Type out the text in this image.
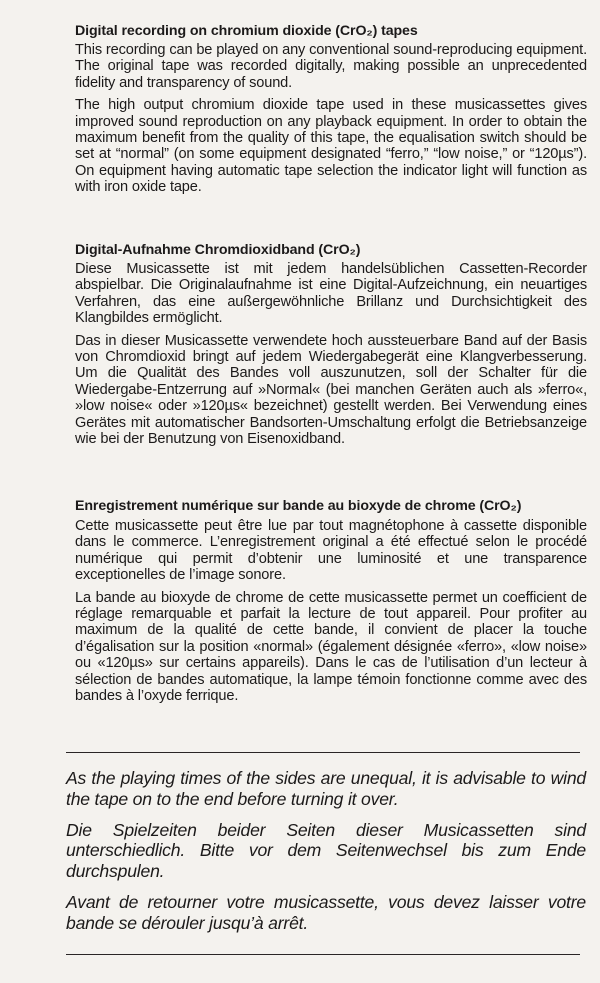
Digital recording on chromium dioxide (CrO₂) tapes

This recording can be played on any conventional sound-reproducing equipment. The original tape was recorded digitally, making possible an unprecedented fidelity and transparency of sound.

The high output chromium dioxide tape used in these musicassettes gives improved sound reproduction on any playback equipment. In order to obtain the maximum benefit from the quality of this tape, the equalisation switch should be set at “normal” (on some equipment designated “ferro,” “low noise,” or “120µs”). On equipment having automatic tape selection the indicator light will function as with iron oxide tape.

Digital-Aufnahme Chromdioxidband (CrO₂)

Diese Musicassette ist mit jedem handelsüblichen Cassetten-Recorder abspielbar. Die Originalaufnahme ist eine Digital-Aufzeichnung, ein neuartiges Verfahren, das eine außergewöhnliche Brillanz und Durchsichtigkeit des Klangbildes ermöglicht.

Das in dieser Musicassette verwendete hoch aussteuerbare Band auf der Basis von Chromdioxid bringt auf jedem Wiedergabegerät eine Klangverbesserung. Um die Qualität des Bandes voll auszunutzen, soll der Schalter für die Wiedergabe-Entzerrung auf »Normal« (bei manchen Geräten auch als »ferro«, »low noise« oder »120µs« bezeichnet) gestellt werden. Bei Verwendung eines Gerätes mit automatischer Bandsorten-Umschaltung erfolgt die Betriebsanzeige wie bei der Benutzung von Eisenoxidband.

Enregistrement numérique sur bande au bioxyde de chrome (CrO₂)

Cette musicassette peut être lue par tout magnétophone à cassette disponible dans le commerce. L’enregistrement original a été effectué selon le procédé numérique qui permit d’obtenir une luminosité et une transparence exceptionelles de l’image sonore.

La bande au bioxyde de chrome de cette musicassette permet un coefficient de réglage remarquable et parfait la lecture de tout appareil. Pour profiter au maximum de la qualité de cette bande, il convient de placer la touche d’égalisation sur la position «normal» (également désignée «ferro», «low noise» ou «120µs» sur certains appareils). Dans le cas de l’utilisation d’un lecteur à sélection de bandes automatique, la lampe témoin fonctionne comme avec des bandes à l’oxyde ferrique.

As the playing times of the sides are unequal, it is advisable to wind the tape on to the end before turning it over.

Die Spielzeiten beider Seiten dieser Musicassetten sind unterschiedlich. Bitte vor dem Seitenwechsel bis zum Ende durchspulen.

Avant de retourner votre musicassette, vous devez laisser votre bande se dérouler jusqu’à arrêt.
